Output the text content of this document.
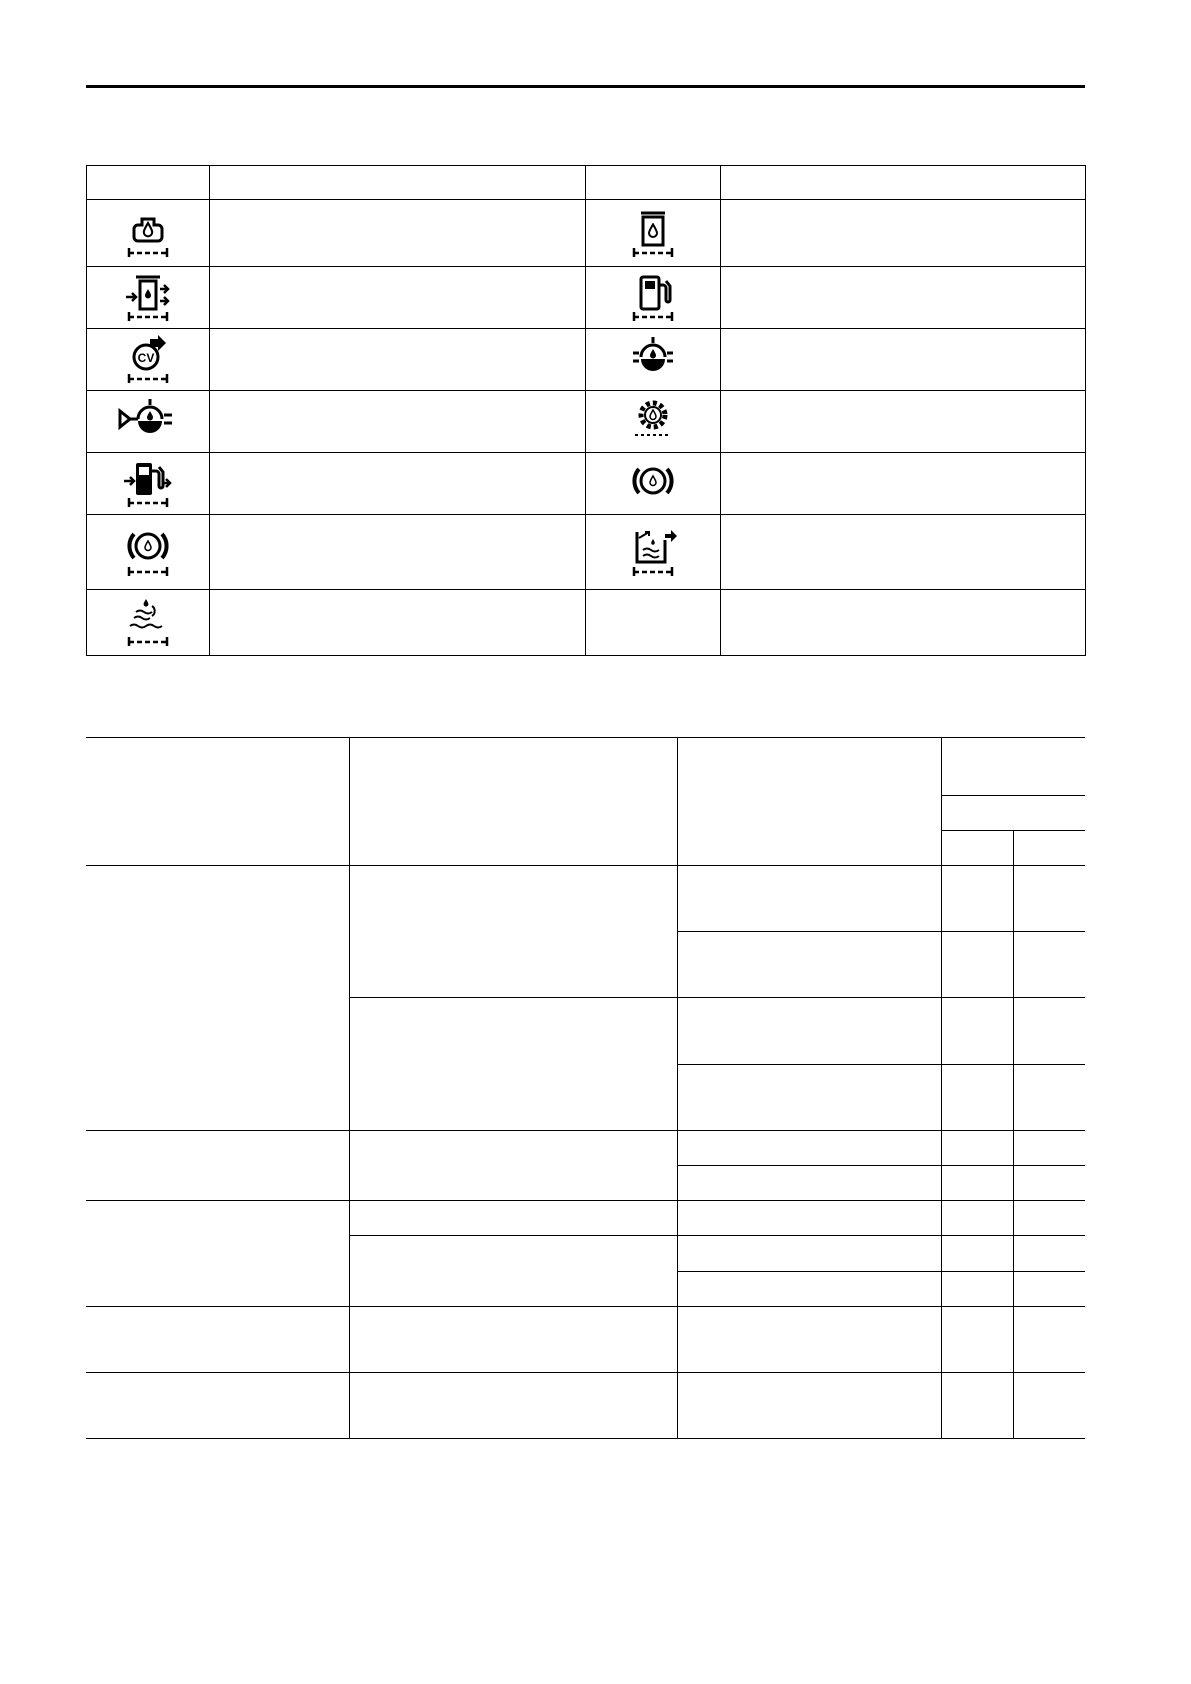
CV
